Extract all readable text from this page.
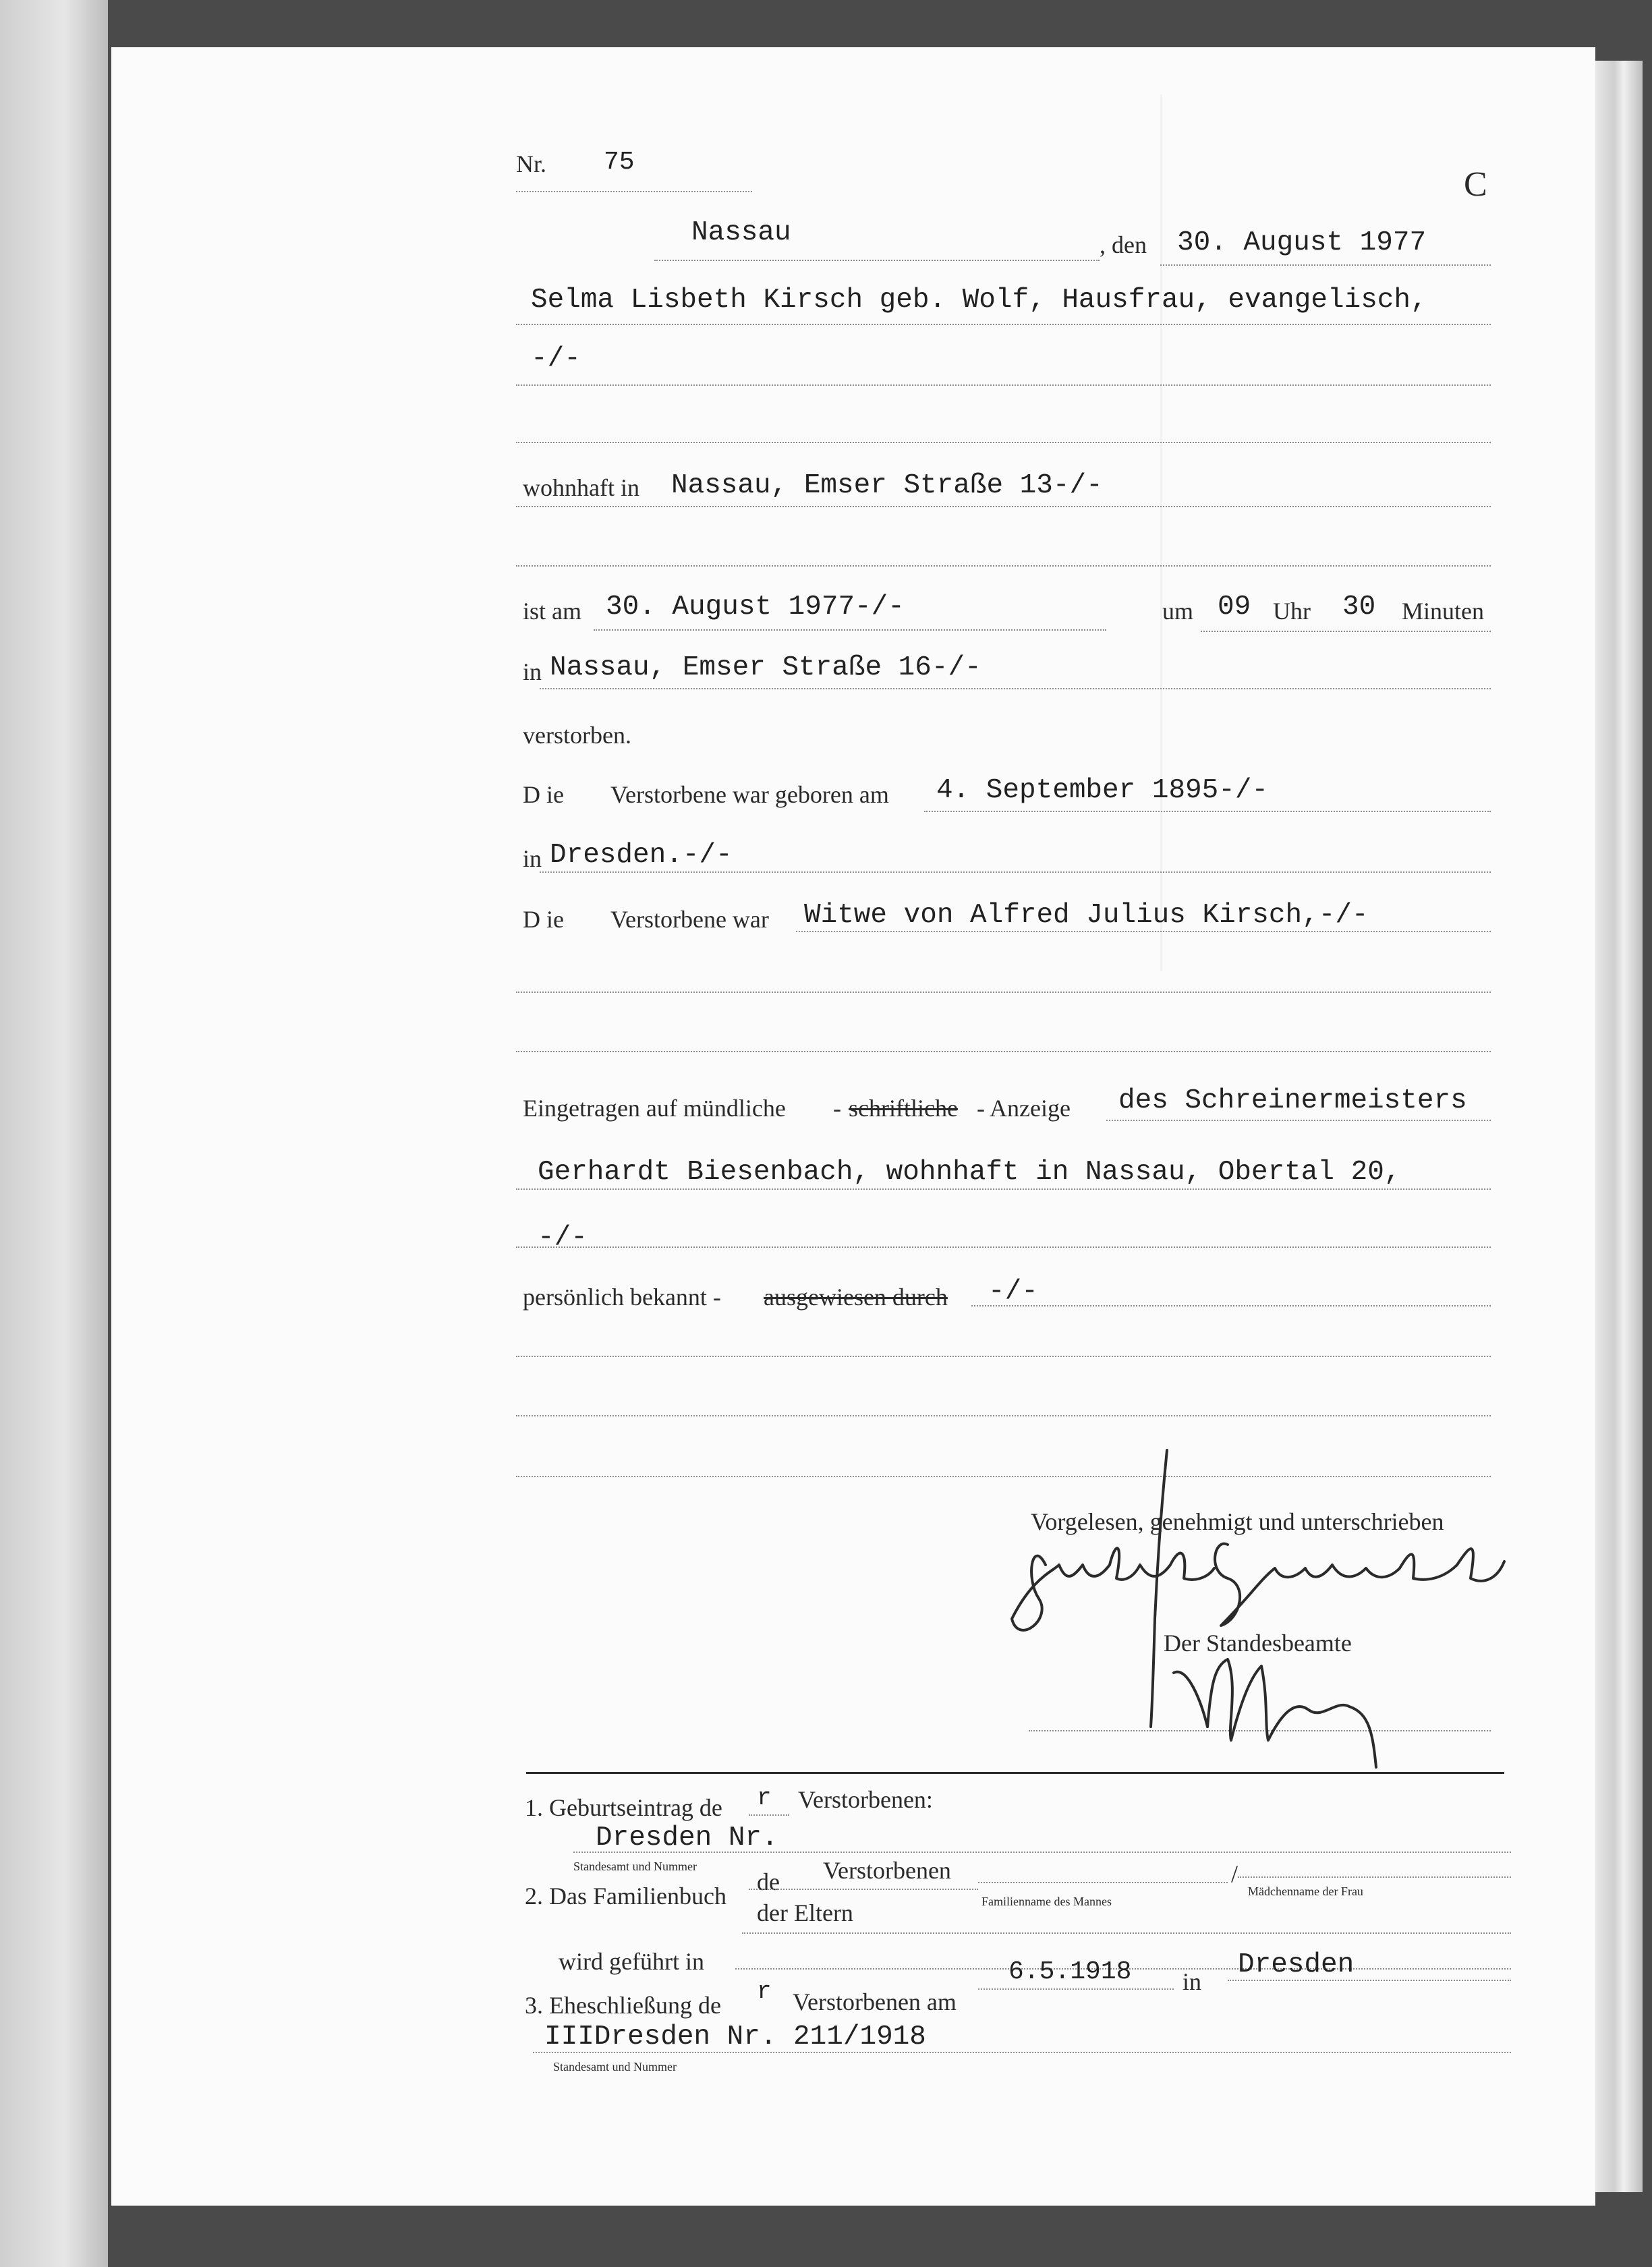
Nr. 75
C
Nassau	, den 30. August 1977
Selma Lisbeth Kirsch geb. Wolf, Hausfrau, evangelisch,
-/-
wohnhaft in Nassau, Emser Straße 13-/-
ist am 30. August 1977-/-	um 09 Uhr 30 Minuten
in Nassau, Emser Straße 16-/-
verstorben.
D ie Verstorbene war geboren am 4. September 1895-/-
in Dresden.-/-
D ie Verstorbene war Witwe von Alfred Julius Kirsch,-/-
Eingetragen auf mündliche - schriftliche - Anzeige des Schreinermeisters
Gerhardt Biesenbach, wohnhaft in Nassau, Obertal 20,
-/-
persönlich bekannt - ausgewiesen durch -/-
Vorgelesen, genehmigt und unterschrieben
Der Standesbeamte
1. Geburtseintrag de r Verstorbenen:
Dresden Nr.
Standesamt und Nummer
2. Das Familienbuch
de Verstorbenen
der Eltern	Familienname des Mannes
/
Mädchenname der Frau
wird geführt in
3. Eheschließung de r Verstorbenen am
6.5.1918 in
Dresden
IIIDresden Nr. 211/1918
Standesamt und Nummer
